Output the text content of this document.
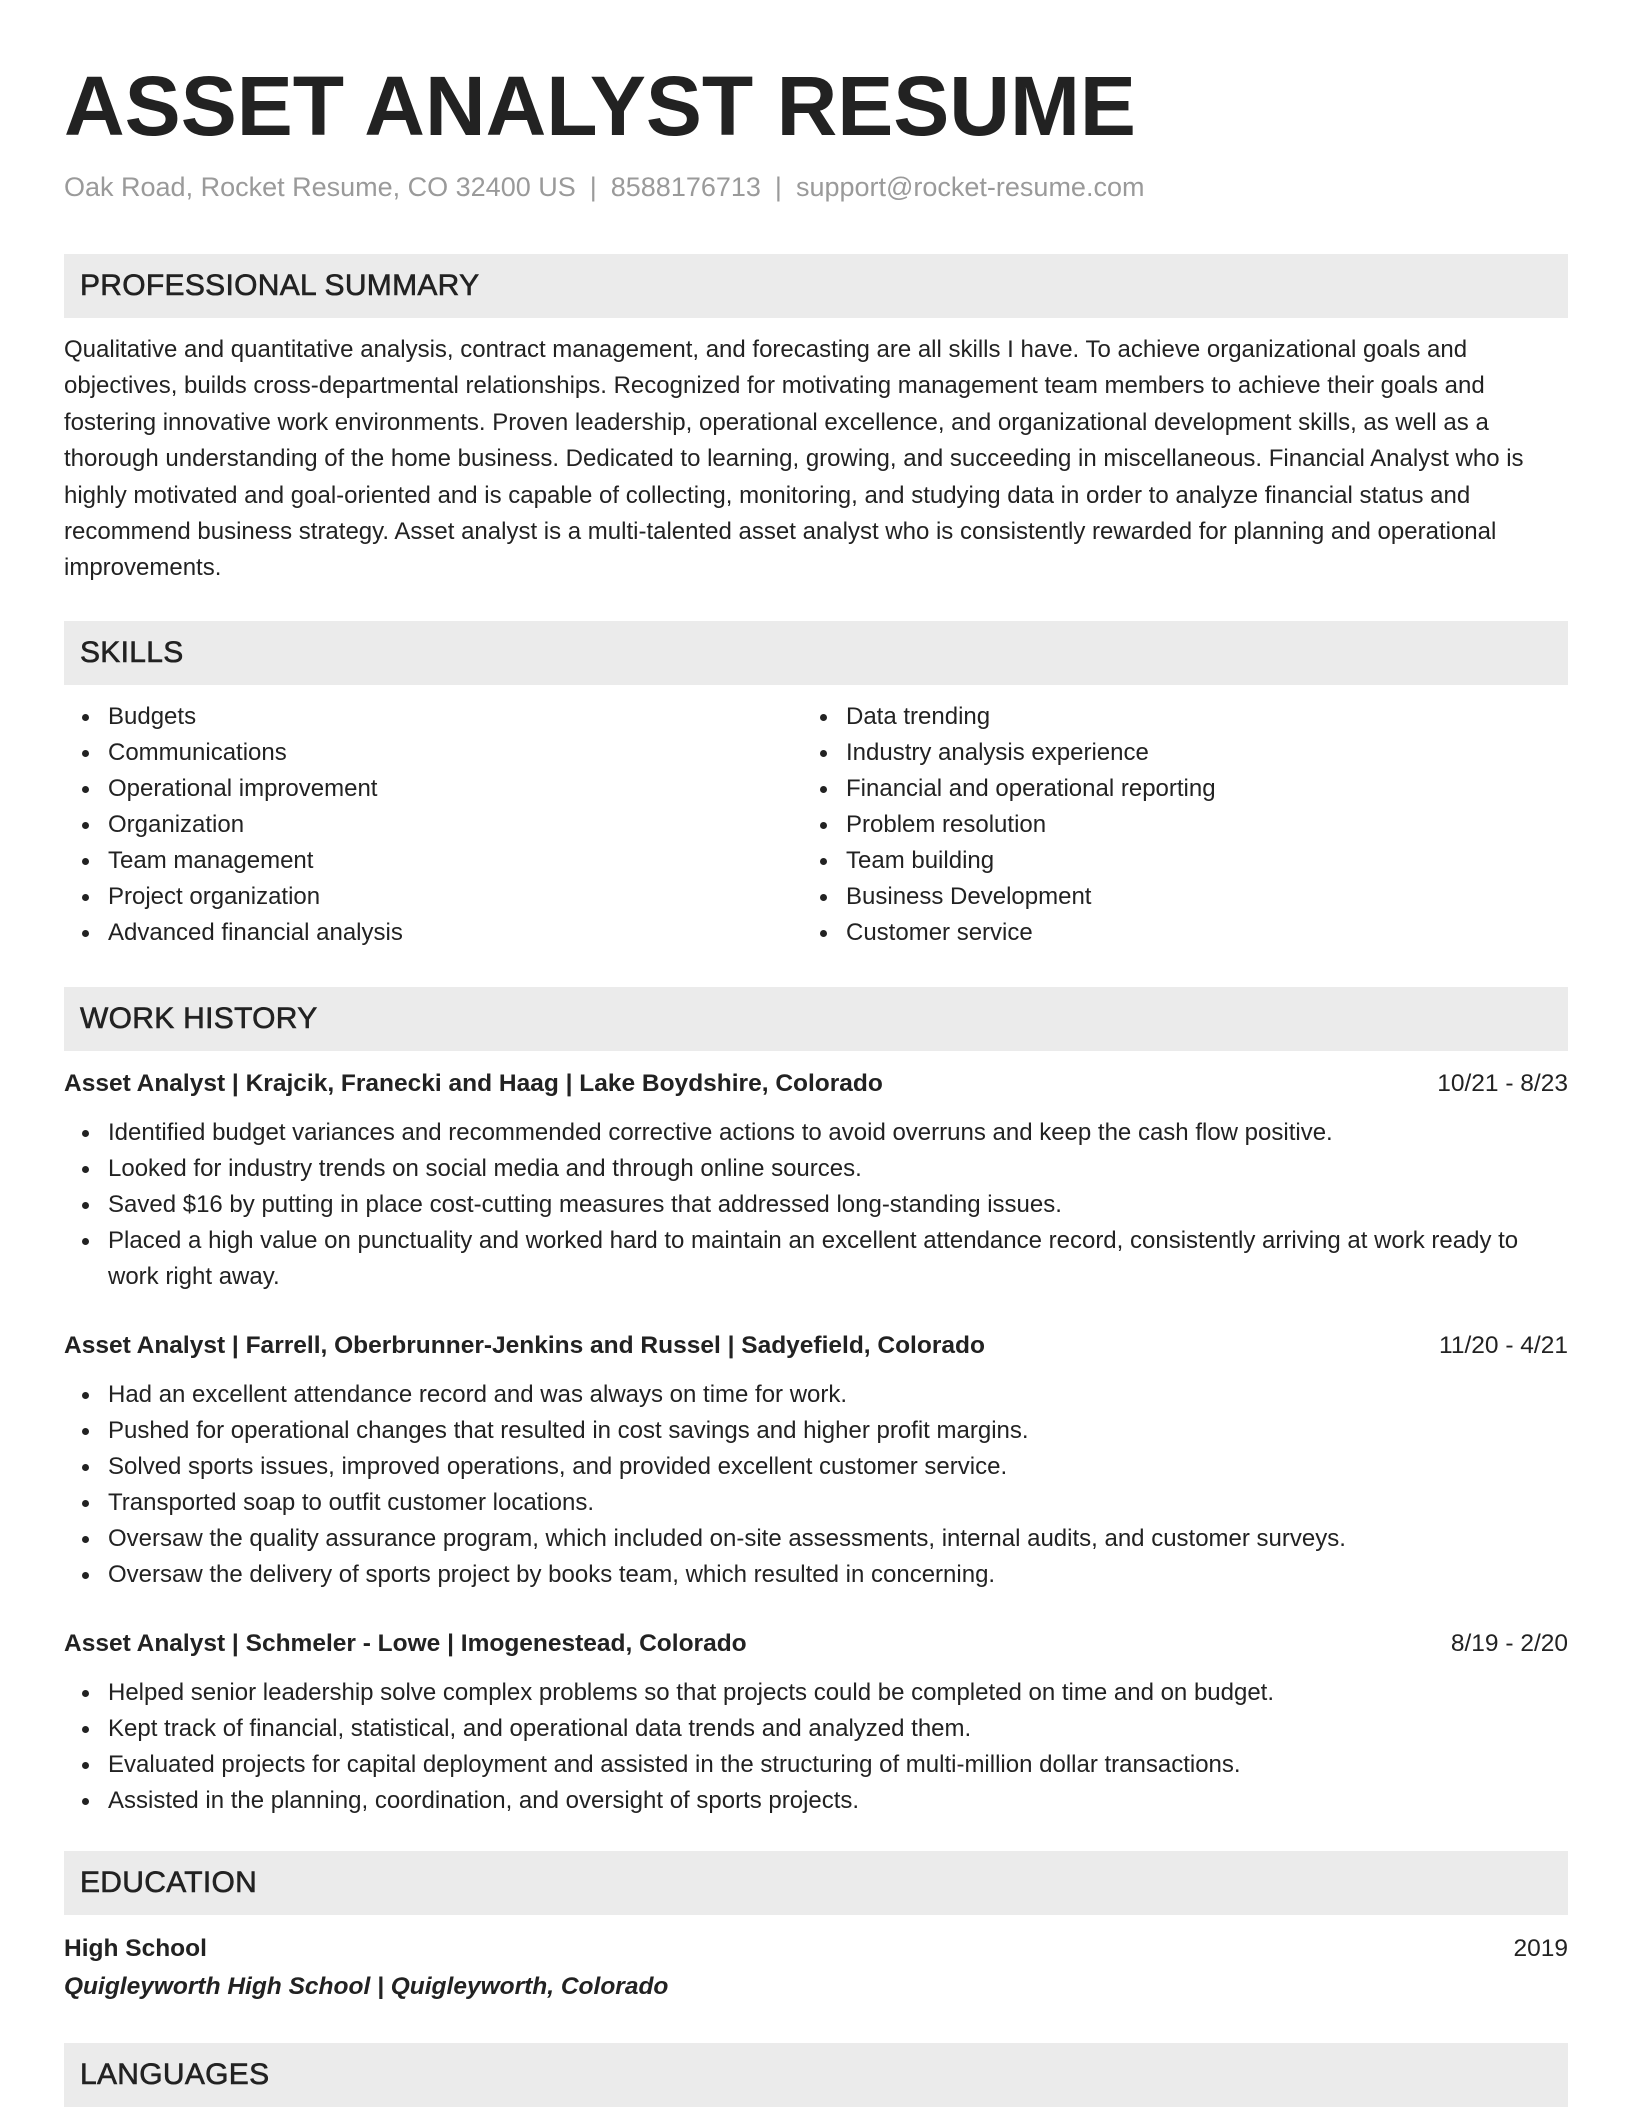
ASSET ANALYST RESUME
Oak Road, Rocket Resume, CO 32400 US | 8588176713 | support@rocket-resume.com
PROFESSIONAL SUMMARY
Qualitative and quantitative analysis, contract management, and forecasting are all skills I have. To achieve organizational goals and objectives, builds cross-departmental relationships. Recognized for motivating management team members to achieve their goals and fostering innovative work environments. Proven leadership, operational excellence, and organizational development skills, as well as a thorough understanding of the home business. Dedicated to learning, growing, and succeeding in miscellaneous. Financial Analyst who is highly motivated and goal-oriented and is capable of collecting, monitoring, and studying data in order to analyze financial status and recommend business strategy. Asset analyst is a multi-talented asset analyst who is consistently rewarded for planning and operational improvements.
SKILLS
Budgets
Communications
Operational improvement
Organization
Team management
Project organization
Advanced financial analysis
Data trending
Industry analysis experience
Financial and operational reporting
Problem resolution
Team building
Business Development
Customer service
WORK HISTORY
Asset Analyst | Krajcik, Franecki and Haag | Lake Boydshire, Colorado	10/21 - 8/23
Identified budget variances and recommended corrective actions to avoid overruns and keep the cash flow positive.
Looked for industry trends on social media and through online sources.
Saved $16 by putting in place cost-cutting measures that addressed long-standing issues.
Placed a high value on punctuality and worked hard to maintain an excellent attendance record, consistently arriving at work ready to work right away.
Asset Analyst | Farrell, Oberbrunner-Jenkins and Russel | Sadyefield, Colorado	11/20 - 4/21
Had an excellent attendance record and was always on time for work.
Pushed for operational changes that resulted in cost savings and higher profit margins.
Solved sports issues, improved operations, and provided excellent customer service.
Transported soap to outfit customer locations.
Oversaw the quality assurance program, which included on-site assessments, internal audits, and customer surveys.
Oversaw the delivery of sports project by books team, which resulted in concerning.
Asset Analyst | Schmeler - Lowe | Imogenestead, Colorado	8/19 - 2/20
Helped senior leadership solve complex problems so that projects could be completed on time and on budget.
Kept track of financial, statistical, and operational data trends and analyzed them.
Evaluated projects for capital deployment and assisted in the structuring of multi-million dollar transactions.
Assisted in the planning, coordination, and oversight of sports projects.
EDUCATION
High School	2019
Quigleyworth High School | Quigleyworth, Colorado
LANGUAGES
